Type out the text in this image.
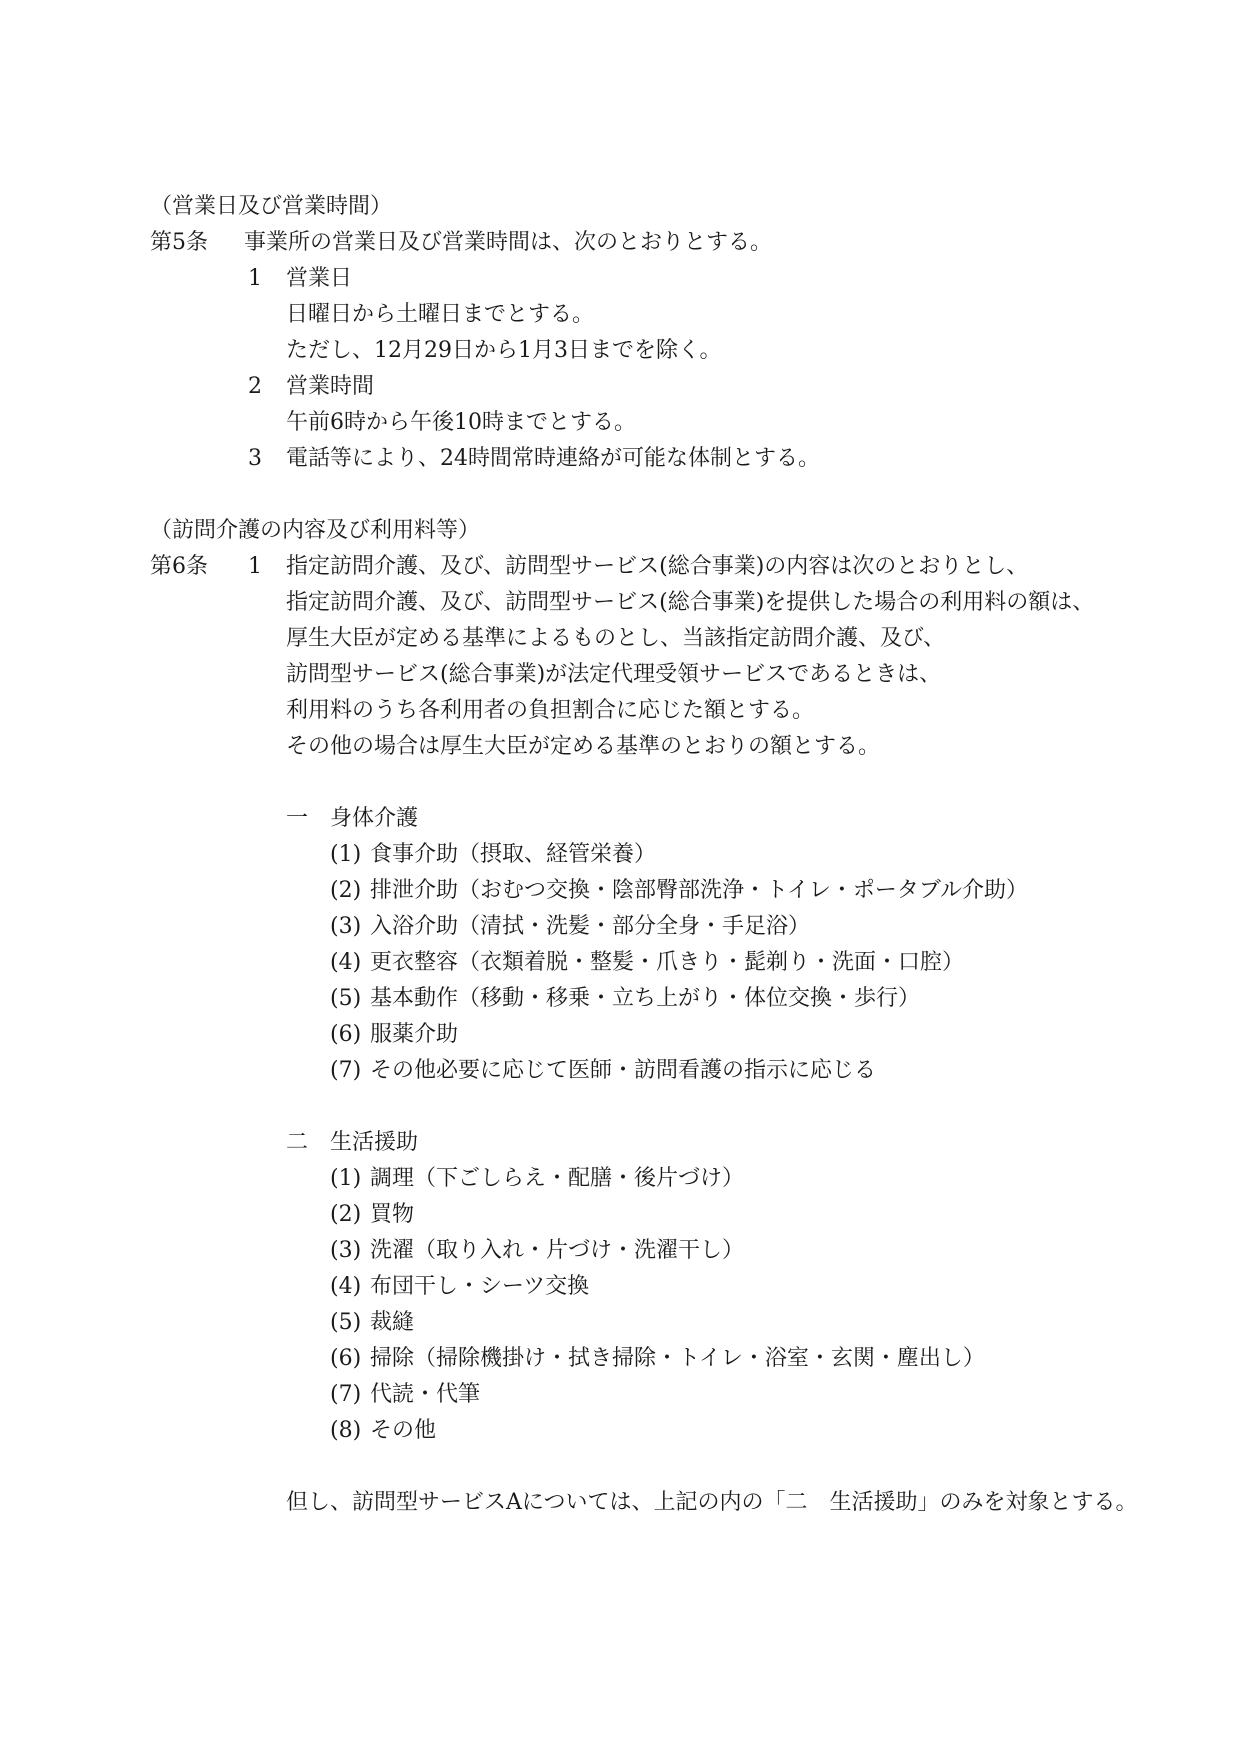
（営業日及び営業時間）
第5条 事業所の営業日及び営業時間は、次のとおりとする。
1 営業日
日曜日から土曜日までとする。
ただし、12月29日から1月3日までを除く。
2 営業時間
午前6時から午後10時までとする。
3 電話等により、24時間常時連絡が可能な体制とする。
（訪問介護の内容及び利用料等）
第6条 1 指定訪問介護、及び、訪問型サービス(総合事業)の内容は次のとおりとし、
指定訪問介護、及び、訪問型サービス(総合事業)を提供した場合の利用料の額は、
厚生大臣が定める基準によるものとし、当該指定訪問介護、及び、
訪問型サービス(総合事業)が法定代理受領サービスであるときは、
利用料のうち各利用者の負担割合に応じた額とする。
その他の場合は厚生大臣が定める基準のとおりの額とする。
一 身体介護
(1) 食事介助（摂取、経管栄養）
(2) 排泄介助（おむつ交換・陰部臀部洗浄・トイレ・ポータブル介助）
(3) 入浴介助（清拭・洗髪・部分全身・手足浴）
(4) 更衣整容（衣類着脱・整髪・爪きり・髭剃り・洗面・口腔）
(5) 基本動作（移動・移乗・立ち上がり・体位交換・歩行）
(6) 服薬介助
(7) その他必要に応じて医師・訪問看護の指示に応じる
二 生活援助
(1) 調理（下ごしらえ・配膳・後片づけ）
(2) 買物
(3) 洗濯（取り入れ・片づけ・洗濯干し）
(4) 布団干し・シーツ交換
(5) 裁縫
(6) 掃除（掃除機掛け・拭き掃除・トイレ・浴室・玄関・塵出し）
(7) 代読・代筆
(8) その他
但し、訪問型サービスAについては、上記の内の「二　生活援助」のみを対象とする。
